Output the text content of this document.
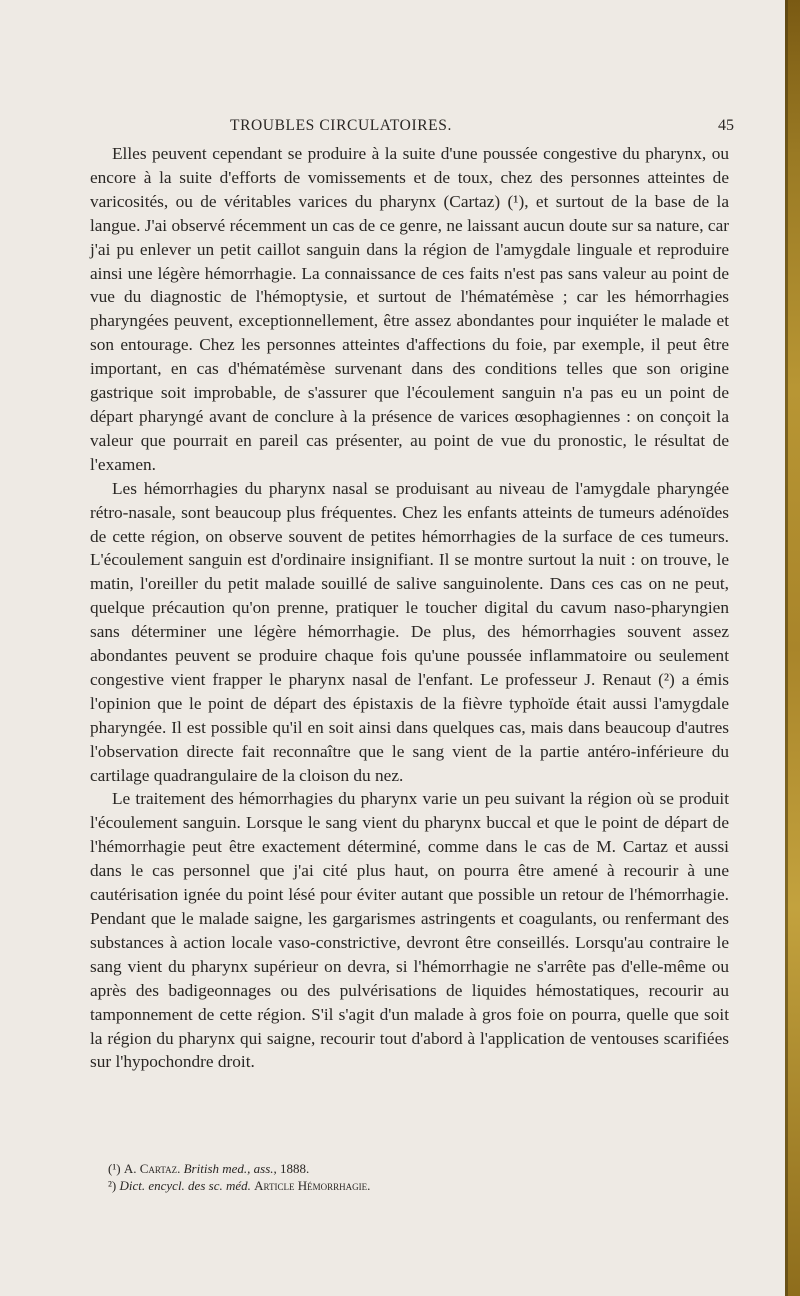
TROUBLES CIRCULATOIRES.	45

Elles peuvent cependant se produire à la suite d'une poussée congestive du pharynx, ou encore à la suite d'efforts de vomissements et de toux, chez des personnes atteintes de varicosités, ou de véritables varices du pharynx (Cartaz) (¹), et surtout de la base de la langue. J'ai observé récemment un cas de ce genre, ne laissant aucun doute sur sa nature, car j'ai pu enlever un petit caillot sanguin dans la région de l'amygdale linguale et reproduire ainsi une légère hémorrhagie. La connaissance de ces faits n'est pas sans valeur au point de vue du diagnostic de l'hémoptysie, et surtout de l'hématémèse ; car les hémorrhagies pharyngées peuvent, exceptionnellement, être assez abondantes pour inquiéter le malade et son entourage. Chez les personnes atteintes d'affections du foie, par exemple, il peut être important, en cas d'hématémèse survenant dans des conditions telles que son origine gastrique soit improbable, de s'assurer que l'écoulement sanguin n'a pas eu un point de départ pharyngé avant de conclure à la présence de varices œsophagiennes : on conçoit la valeur que pourrait en pareil cas présenter, au point de vue du pronostic, le résultat de l'examen.

Les hémorrhagies du pharynx nasal se produisant au niveau de l'amygdale pharyngée rétro-nasale, sont beaucoup plus fréquentes. Chez les enfants atteints de tumeurs adénoïdes de cette région, on observe souvent de petites hémorrhagies de la surface de ces tumeurs. L'écoulement sanguin est d'ordinaire insignifiant. Il se montre surtout la nuit : on trouve, le matin, l'oreiller du petit malade souillé de salive sanguinolente. Dans ces cas on ne peut, quelque précaution qu'on prenne, pratiquer le toucher digital du cavum naso-pharyngien sans déterminer une légère hémorrhagie. De plus, des hémorrhagies souvent assez abondantes peuvent se produire chaque fois qu'une poussée inflammatoire ou seulement congestive vient frapper le pharynx nasal de l'enfant. Le professeur J. Renaut (²) a émis l'opinion que le point de départ des épistaxis de la fièvre typhoïde était aussi l'amygdale pharyngée. Il est possible qu'il en soit ainsi dans quelques cas, mais dans beaucoup d'autres l'observation directe fait reconnaître que le sang vient de la partie antéro-inférieure du cartilage quadrangulaire de la cloison du nez.

Le traitement des hémorrhagies du pharynx varie un peu suivant la région où se produit l'écoulement sanguin. Lorsque le sang vient du pharynx buccal et que le point de départ de l'hémorrhagie peut être exactement déterminé, comme dans le cas de M. Cartaz et aussi dans le cas personnel que j'ai cité plus haut, on pourra être amené à recourir à une cautérisation ignée du point lésé pour éviter autant que possible un retour de l'hémorrhagie. Pendant que le malade saigne, les gargarismes astringents et coagulants, ou renfermant des substances à action locale vaso-constrictive, devront être conseillés. Lorsqu'au contraire le sang vient du pharynx supérieur on devra, si l'hémorrhagie ne s'arrête pas d'elle-même ou après des badigeonnages ou des pulvérisations de liquides hémostatiques, recourir au tamponnement de cette région. S'il s'agit d'un malade à gros foie on pourra, quelle que soit la région du pharynx qui saigne, recourir tout d'abord à l'application de ventouses scarifiées sur l'hypochondre droit.

(¹) A. Cartaz. British med., ass., 1888.
²) Dict. encycl. des sc. méd. Article Hémorrhagie.
